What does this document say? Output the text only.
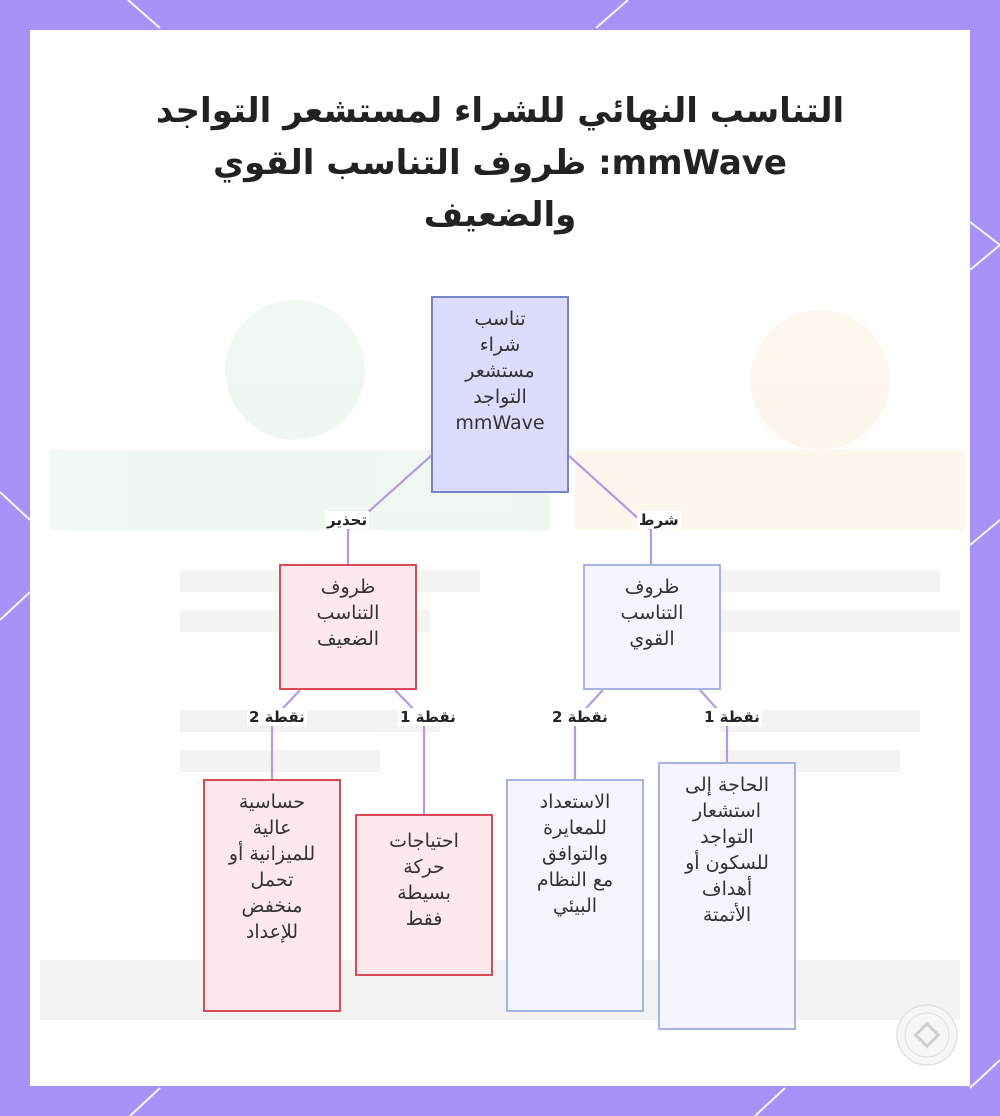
التناسب النهائي للشراء لمستشعر التواجد mmWave: ظروف التناسب القوي والضعيف
تناسب
شراء
مستشعر
التواجد
mmWave
ظروف
التناسب
الضعيف
ظروف
التناسب
القوي
حساسية
عالية
للميزانية أو
تحمل
منخفض
للإعداد
احتياجات
حركة
بسيطة
فقط
الاستعداد
للمعايرة
والتوافق
مع النظام
البيئي
الحاجة إلى
استشعار
التواجد
للسكون أو
أهداف
الأتمتة
تحذير	شرط
نقطة 2	نقطة 1	نقطة 2	نقطة 1
